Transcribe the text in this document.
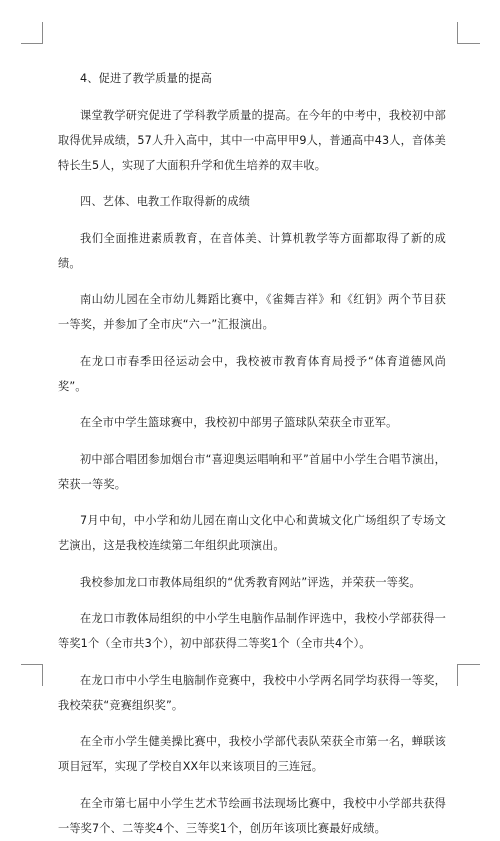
4、促进了教学质量的提高

课堂教学研究促进了学科教学质量的提高。在今年的中考中，我校初中部取得优异成绩，57人升入高中，其中一中高甲甲9人，普通高中43人，音体美特长生5人，实现了大面积升学和优生培养的双丰收。

四、艺体、电教工作取得新的成绩

我们全面推进素质教育，在音体美、计算机教学等方面都取得了新的成绩。

南山幼儿园在全市幼儿舞蹈比赛中，《雀舞吉祥》和《红钥》两个节目获一等奖，并参加了全市庆“六一”汇报演出。

在龙口市春季田径运动会中，我校被市教育体育局授予“体育道德风尚奖”。

在全市中学生篮球赛中，我校初中部男子篮球队荣获全市亚军。

初中部合唱团参加烟台市“喜迎奥运唱响和平”首届中小学生合唱节演出，荣获一等奖。

7月中旬，中小学和幼儿园在南山文化中心和黄城文化广场组织了专场文艺演出，这是我校连续第二年组织此项演出。

我校参加龙口市教体局组织的“优秀教育网站”评选，并荣获一等奖。

在龙口市教体局组织的中小学生电脑作品制作评选中，我校小学部获得一等奖1个（全市共3个），初中部获得二等奖1个（全市共4个）。

在龙口市中小学生电脑制作竞赛中，我校中小学两名同学均获得一等奖，我校荣获“竞赛组织奖”。

在全市小学生健美操比赛中，我校小学部代表队荣获全市第一名，蝉联该项目冠军，实现了学校自XX年以来该项目的三连冠。

在全市第七届中小学生艺术节绘画书法现场比赛中，我校中小学部共获得一等奖7个、二等奖4个、三等奖1个，创历年该项比赛最好成绩。
